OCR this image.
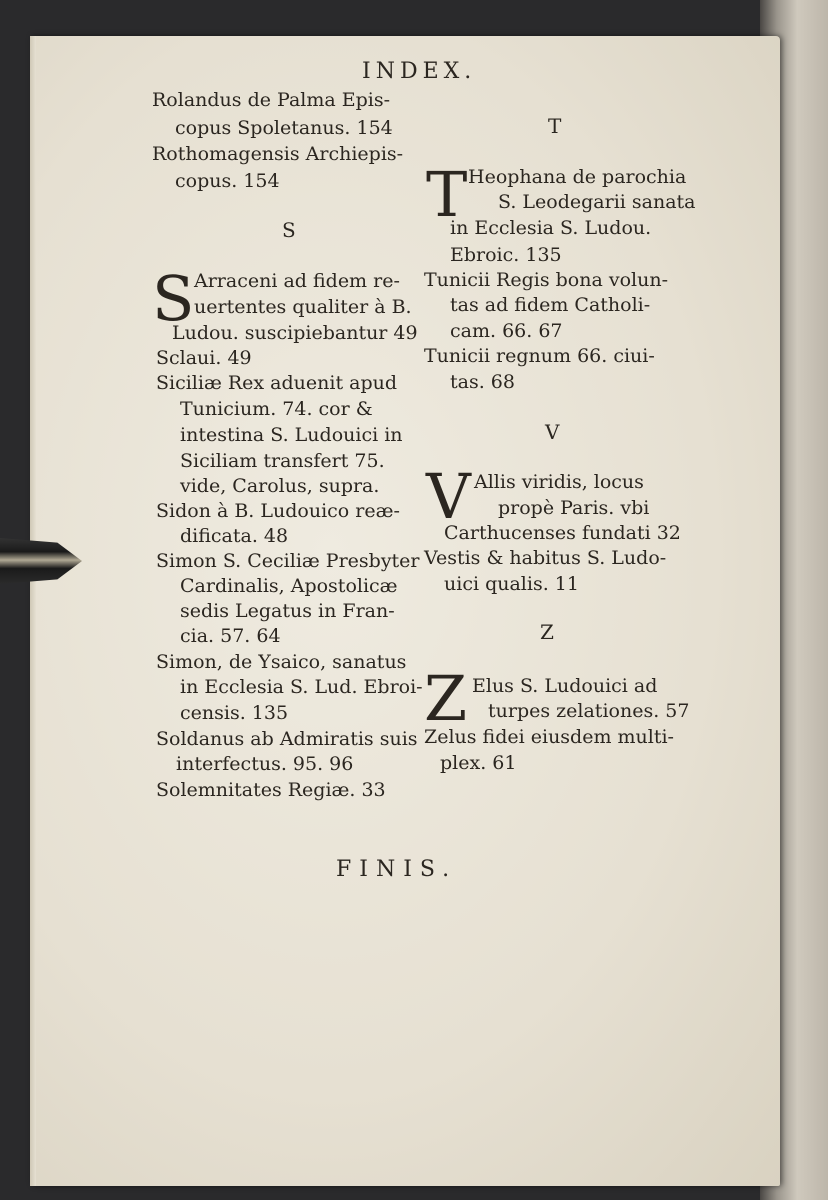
INDEX.
Rolandus de Palma Epis-
copus Spoletanus. 154
Rothomagensis Archiepis-
copus. 154
S
S Arraceni ad fidem re-
uertentes qualiter à B.
Ludou. suscipiebantur 49
Sclaui. 49
Siciliæ Rex aduenit apud
Tunicium. 74. cor &
intestina S. Ludouici in
Siciliam transfert 75.
vide, Carolus, supra.
Sidon à B. Ludouico reæ-
dificata. 48
Simon S. Ceciliæ Presbyter
Cardinalis, Apostolicæ
sedis Legatus in Fran-
cia. 57. 64
Simon, de Ysaico, sanatus
in Ecclesia S. Lud. Ebroi-
censis. 135
Soldanus ab Admiratis suis
interfectus. 95. 96
Solemnitates Regiæ. 33
T
T Heophana de parochia
S. Leodegarii sanata
in Ecclesia S. Ludou.
Ebroic. 135
Tunicii Regis bona volun-
tas ad fidem Catholi-
cam. 66. 67
Tunicii regnum 66. ciui-
tas. 68
V
V Allis viridis, locus
propè Paris. vbi
Carthucenses fundati 32
Vestis & habitus S. Ludo-
uici qualis. 11
Z
Z Elus S. Ludouici ad
turpes zelationes. 57
Zelus fidei eiusdem multi-
plex. 61
FINIS.
